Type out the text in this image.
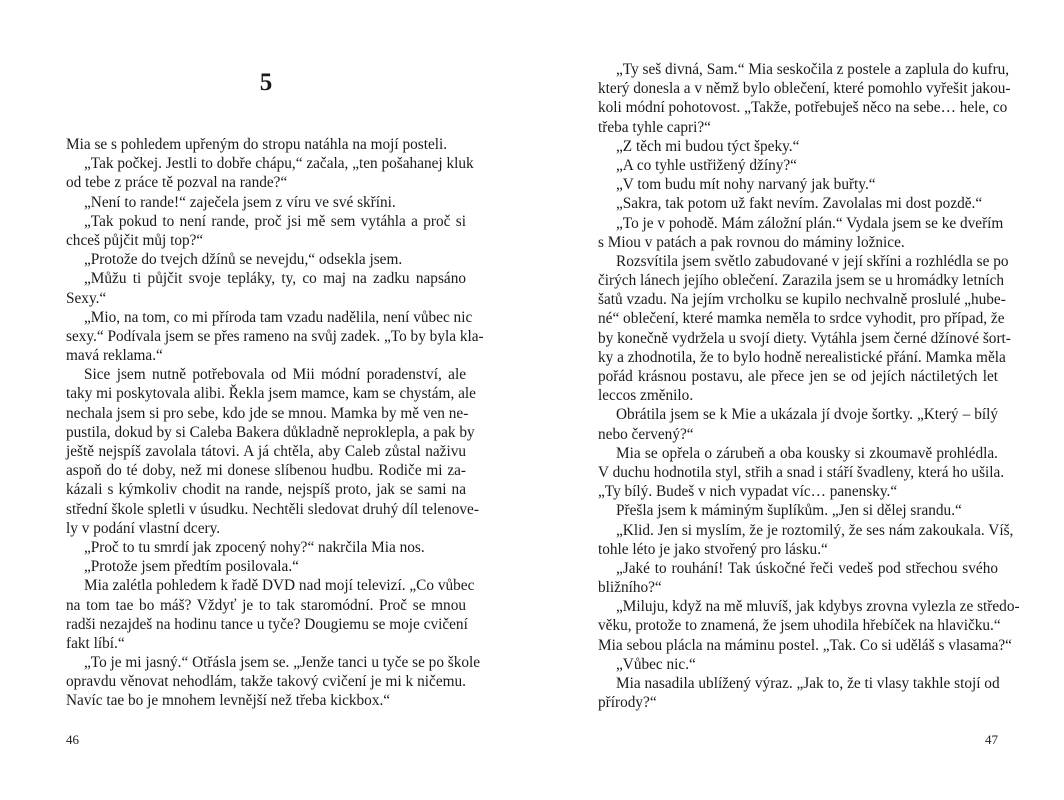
5
Mia se s pohledem upřeným do stropu natáhla na mojí posteli.
„Tak počkej. Jestli to dobře chápu,“ začala, „ten pošahanej kluk
od tebe z práce tě pozval na rande?“
„Není to rande!“ zaječela jsem z víru ve své skříni.
„Tak pokud to není rande, proč jsi mě sem vytáhla a proč si
chceš půjčit můj top?“
„Protože do tvejch džínů se nevejdu,“ odsekla jsem.
„Můžu ti půjčit svoje tepláky, ty, co maj na zadku napsáno
Sexy.“
„Mio, na tom, co mi příroda tam vzadu nadělila, není vůbec nic
sexy.“ Podívala jsem se přes rameno na svůj zadek. „To by byla kla-
mavá reklama.“
Sice jsem nutně potřebovala od Mii módní poradenství, ale
taky mi poskytovala alibi. Řekla jsem mamce, kam se chystám, ale
nechala jsem si pro sebe, kdo jde se mnou. Mamka by mě ven ne-
pustila, dokud by si Caleba Bakera důkladně neproklepla, a pak by
ještě nejspíš zavolala tátovi. A já chtěla, aby Caleb zůstal naživu
aspoň do té doby, než mi donese slíbenou hudbu. Rodiče mi za-
kázali s kýmkoliv chodit na rande, nejspíš proto, jak se sami na
střední škole spletli v úsudku. Nechtěli sledovat druhý díl telenove-
ly v podání vlastní dcery.
„Proč to tu smrdí jak zpocený nohy?“ nakrčila Mia nos.
„Protože jsem předtím posilovala.“
Mia zalétla pohledem k řadě DVD nad mojí televizí. „Co vůbec
na tom tae bo máš? Vždyť je to tak staromódní. Proč se mnou
radši nezajdeš na hodinu tance u tyče? Dougiemu se moje cvičení
fakt líbí.“
„To je mi jasný.“ Otřásla jsem se. „Jenže tanci u tyče se po škole
opravdu věnovat nehodlám, takže takový cvičení je mi k ničemu.
Navíc tae bo je mnohem levnější než třeba kickbox.“
46
„Ty seš divná, Sam.“ Mia seskočila z postele a zaplula do kufru,
který donesla a v němž bylo oblečení, které pomohlo vyřešit jakou-
koli módní pohotovost. „Takže, potřebuješ něco na sebe… hele, co
třeba tyhle capri?“
„Z těch mi budou týct špeky.“
„A co tyhle ustřižený džíny?“
„V tom budu mít nohy narvaný jak buřty.“
„Sakra, tak potom už fakt nevím. Zavolalas mi dost pozdě.“
„To je v pohodě. Mám záložní plán.“ Vydala jsem se ke dveřím
s Miou v patách a pak rovnou do máminy ložnice.
Rozsvítila jsem světlo zabudované v její skříni a rozhlédla se po
čirých lánech jejího oblečení. Zarazila jsem se u hromádky letních
šatů vzadu. Na jejím vrcholku se kupilo nechvalně proslulé „hube-
né“ oblečení, které mamka neměla to srdce vyhodit, pro případ, že
by konečně vydržela u svojí diety. Vytáhla jsem černé džínové šort-
ky a zhodnotila, že to bylo hodně nerealistické přání. Mamka měla
pořád krásnou postavu, ale přece jen se od jejích náctiletých let
leccos změnilo.
Obrátila jsem se k Mie a ukázala jí dvoje šortky. „Který – bílý
nebo červený?“
Mia se opřela o zárubeň a oba kousky si zkoumavě prohlédla.
V duchu hodnotila styl, střih a snad i stáří švadleny, která ho ušila.
„Ty bílý. Budeš v nich vypadat víc… panensky.“
Přešla jsem k máminým šuplíkům. „Jen si dělej srandu.“
„Klid. Jen si myslím, že je roztomilý, že ses nám zakoukala. Víš,
tohle léto je jako stvořený pro lásku.“
„Jaké to rouhání! Tak úskočné řeči vedeš pod střechou svého
bližního?“
„Miluju, když na mě mluvíš, jak kdybys zrovna vylezla ze středo-
věku, protože to znamená, že jsem uhodila hřebíček na hlavičku.“
Mia sebou plácla na máminu postel. „Tak. Co si uděláš s vlasama?“
„Vůbec nic.“
Mia nasadila ublížený výraz. „Jak to, že ti vlasy takhle stojí od
přírody?“
47
